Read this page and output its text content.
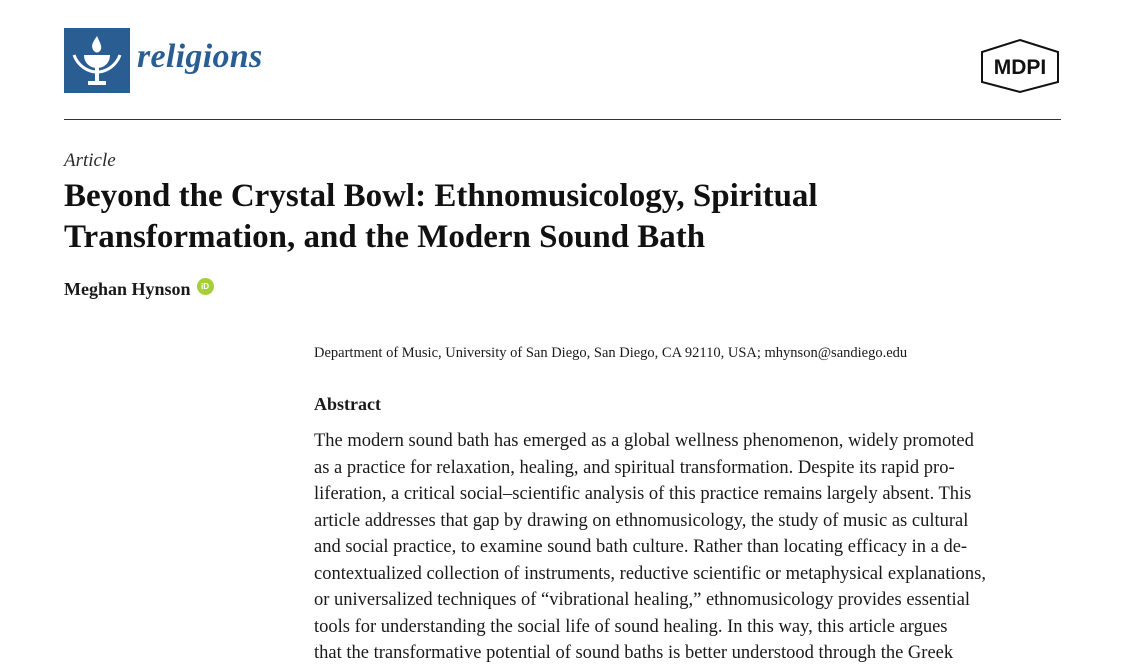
religions	MDPI
Article
Beyond the Crystal Bowl: Ethnomusicology, Spiritual
Transformation, and the Modern Sound Bath
Meghan Hynson	iD
Department of Music, University of San Diego, San Diego, CA 92110, USA; mhynson@sandiego.edu
Abstract
The modern sound bath has emerged as a global wellness phenomenon, widely promoted
as a practice for relaxation, healing, and spiritual transformation. Despite its rapid pro-
liferation, a critical social–scientific analysis of this practice remains largely absent. This
article addresses that gap by drawing on ethnomusicology, the study of music as cultural
and social practice, to examine sound bath culture. Rather than locating efficacy in a de-
contextualized collection of instruments, reductive scientific or metaphysical explanations,
or universalized techniques of “vibrational healing,” ethnomusicology provides essential
tools for understanding the social life of sound healing. In this way, this article argues
that the transformative potential of sound baths is better understood through the Greek
